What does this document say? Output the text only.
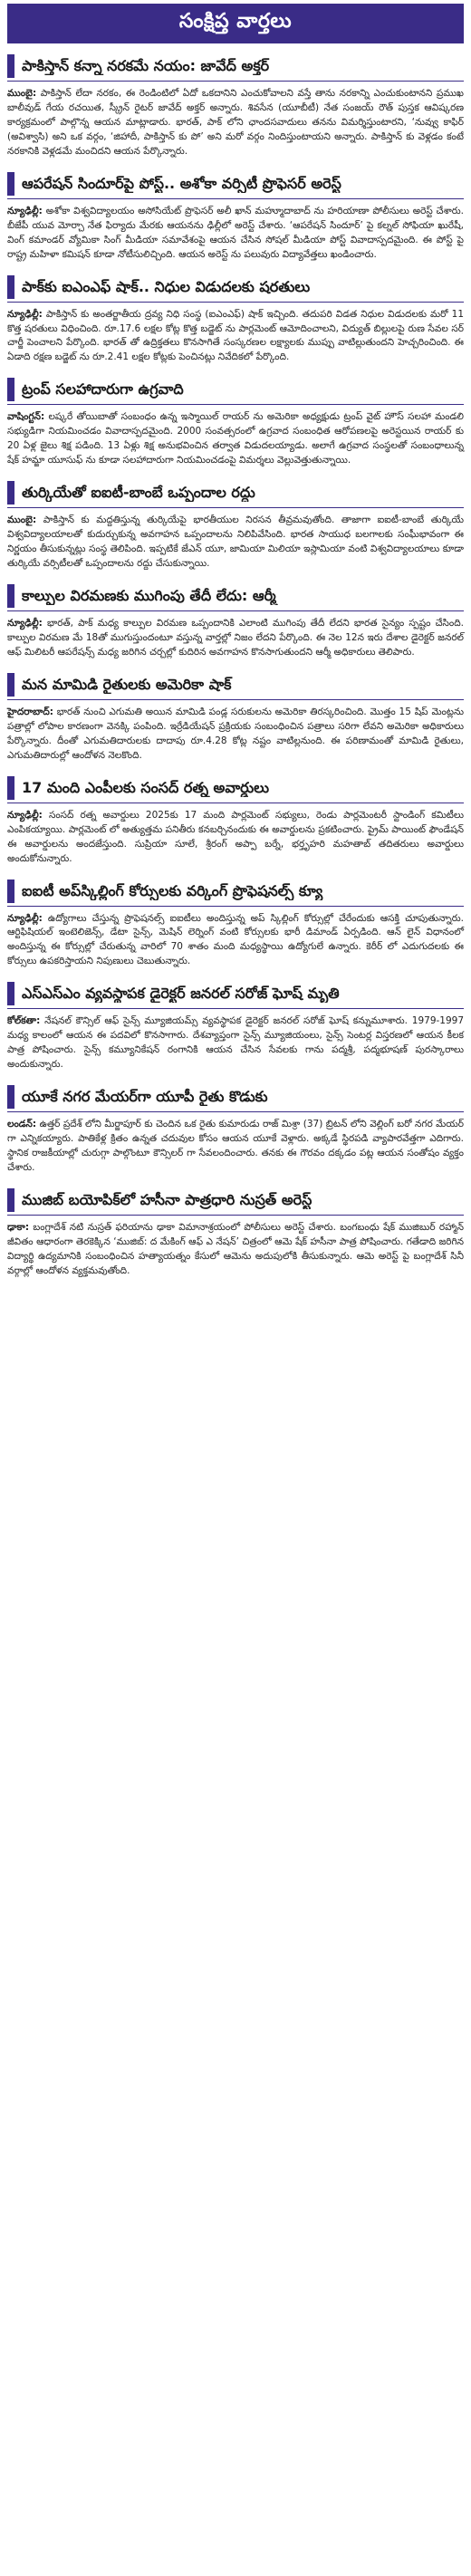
సంక్షిప్త వార్తలు
పాకిస్తాన్ కన్నా నరకమే నయం: జావేద్ అక్తర్

ముంబై: పాకిస్తాన్ లేదా నరకం, ఈ రెండింటిలో ఏదో ఒకదానిని ఎంచుకోవాలని వస్తే తాను నరకాన్ని ఎంచుకుంటానని ప్రముఖ బాలీవుడ్ గేయ రచయిత, స్క్రీన్ రైటర్ జావేద్ అక్తర్ అన్నారు. శివసేన (యూబీటీ) నేత సంజయ్ రౌత్ పుస్తక ఆవిష్కరణ కార్యక్రమంలో పాల్గొన్న ఆయన మాట్లాడారు. భారత్, పాక్ లోని ఛాందసవాదులు తనను విమర్శిస్తుంటారని, ‘నువ్వు కాఫిర్ (అవిశ్వాసి) అని ఒక వర్గం, ‘జిహాదీ, పాకిస్తాన్ కు పో’ అని మరో వర్గం నిందిస్తుంటాయని అన్నారు. పాకిస్తాన్ కు వెళ్లడం కంటే నరకానికి వెళ్లడమే మంచిదని ఆయన పేర్కొన్నారు.

ఆపరేషన్ సిందూర్‌పై పోస్ట్.. అశోకా వర్సిటీ ప్రొఫెసర్ అరెస్ట్

న్యూఢిల్లీ: అశోకా విశ్వవిద్యాలయం అసోసియేట్ ప్రొఫెసర్ అలీ ఖాన్ మహ్మూదాబాద్ ను హరియాణా పోలీసులు అరెస్ట్ చేశారు. బీజేపీ యువ మోర్చా నేత ఫిర్యాదు మేరకు ఆయనను ఢిల్లీలో అరెస్ట్ చేశారు. ‘ఆపరేషన్ సిందూర్’ పై కల్నల్ సోఫియా ఖురేషీ, వింగ్ కమాండర్ వ్యోమికా సింగ్ మీడియా సమావేశంపై ఆయన చేసిన సోషల్ మీడియా పోస్ట్ వివాదాస్పదమైంది. ఈ పోస్ట్ పై రాష్ట్ర మహిళా కమిషన్ కూడా నోటీసులిచ్చింది. ఆయన అరెస్ట్ ను పలువురు విద్యావేత్తలు ఖండించారు.

పాక్‌కు ఐఎంఎఫ్ షాక్.. నిధుల విడుదలకు షరతులు

న్యూఢిల్లీ: పాకిస్తాన్ కు అంతర్జాతీయ ద్రవ్య నిధి సంస్థ (ఐఎంఎఫ్) షాక్ ఇచ్చింది. తదుపరి విడత నిధుల విడుదలకు మరో 11 కొత్త షరతులు విధించింది. రూ.17.6 లక్షల కోట్ల కొత్త బడ్జెట్ ను పార్లమెంట్ ఆమోదించాలని, విద్యుత్ బిల్లులపై రుణ సేవల సర్ చార్జీ పెంచాలని పేర్కొంది. భారత్ తో ఉద్రిక్తతలు కొనసాగితే సంస్కరణల లక్ష్యాలకు ముప్పు వాటిల్లుతుందని హెచ్చరించింది. ఈ ఏడాది రక్షణ బడ్జెట్ ను రూ.2.41 లక్షల కోట్లకు పెంచినట్లు నివేదికలో పేర్కొంది.

ట్రంప్ సలహాదారుగా ఉగ్రవాది

వాషింగ్టన్: లష్కరే తోయిబాతో సంబంధం ఉన్న ఇస్మాయిల్ రాయర్ ను అమెరికా అధ్యక్షుడు ట్రంప్ వైట్ హౌస్ సలహా మండలి సభ్యుడిగా నియమించడం వివాదాస్పదమైంది. 2000 సంవత్సరంలో ఉగ్రవాద సంబంధిత ఆరోపణలపై అరెస్టయిన రాయర్ కు 20 ఏళ్ల జైలు శిక్ష పడింది. 13 ఏళ్లు శిక్ష అనుభవించిన తర్వాత విడుదలయ్యాడు. అలాగే ఉగ్రవాద సంస్థలతో సంబంధాలున్న షేక్ హమ్జా యూసుఫ్ ను కూడా సలహాదారుగా నియమించడంపై విమర్శలు వెల్లువెత్తుతున్నాయి.

తుర్కియేతో ఐఐటీ-బాంబే ఒప్పందాల రద్దు

ముంబై: పాకిస్తాన్ కు మద్దతిస్తున్న తుర్కియేపై భారతీయుల నిరసన తీవ్రమవుతోంది. తాజాగా ఐఐటీ-బాంబే తుర్కియే విశ్వవిద్యాలయాలతో కుదుర్చుకున్న అవగాహన ఒప్పందాలను నిలిపివేసింది. భారత సాయుధ బలగాలకు సంఘీభావంగా ఈ నిర్ణయం తీసుకున్నట్లు సంస్థ తెలిపింది. ఇప్పటికే జేఎన్ యూ, జామియా మిలియా ఇస్లామియా వంటి విశ్వవిద్యాలయాలు కూడా తుర్కియే వర్సిటీలతో ఒప్పందాలను రద్దు చేసుకున్నాయి.

కాల్పుల విరమణకు ముగింపు తేదీ లేదు: ఆర్మీ

న్యూఢిల్లీ: భారత్, పాక్ మధ్య కాల్పుల విరమణ ఒప్పందానికి ఎలాంటి ముగింపు తేదీ లేదని భారత సైన్యం స్పష్టం చేసింది. కాల్పుల విరమణ మే 18తో ముగుస్తుందంటూ వస్తున్న వార్తల్లో నిజం లేదని పేర్కొంది. ఈ నెల 12న ఇరు దేశాల డైరెక్టర్ జనరల్ ఆఫ్ మిలిటరీ ఆపరేషన్స్ మధ్య జరిగిన చర్చల్లో కుదిరిన అవగాహన కొనసాగుతుందని ఆర్మీ అధికారులు తెలిపారు.

మన మామిడి రైతులకు అమెరికా షాక్

హైదరాబాద్: భారత్ నుంచి ఎగుమతి అయిన మామిడి పండ్ల సరుకులను అమెరికా తిరస్కరించింది. మొత్తం 15 షిప్ మెంట్లను పత్రాల్లో లోపాల కారణంగా వెనక్కి పంపింది. ఇర్రేడియేషన్ ప్రక్రియకు సంబంధించిన పత్రాలు సరిగా లేవని అమెరికా అధికారులు పేర్కొన్నారు. దీంతో ఎగుమతిదారులకు దాదాపు రూ.4.28 కోట్ల నష్టం వాటిల్లనుంది. ఈ పరిణామంతో మామిడి రైతులు, ఎగుమతిదారుల్లో ఆందోళన నెలకొంది.

17 మంది ఎంపీలకు సంసద్ రత్న అవార్డులు

న్యూఢిల్లీ: సంసద్ రత్న అవార్డులు 2025కు 17 మంది పార్లమెంట్ సభ్యులు, రెండు పార్లమెంటరీ స్టాండింగ్ కమిటీలు ఎంపికయ్యాయి. పార్లమెంట్ లో అత్యుత్తమ పనితీరు కనబర్చినందుకు ఈ అవార్డులను ప్రకటించారు. ప్రైమ్ పాయింట్ ఫౌండేషన్ ఈ అవార్డులను అందజేస్తుంది. సుప్రియా సూలే, శ్రీరంగ్ అప్పా బర్నే, భర్తృహరి మహతాబ్ తదితరులు అవార్డులు అందుకోనున్నారు.

ఐఐటీ అప్‌స్కిల్లింగ్ కోర్సులకు వర్కింగ్ ప్రొఫెషనల్స్ క్యూ

న్యూఢిల్లీ: ఉద్యోగాలు చేస్తున్న ప్రొఫెషనల్స్ ఐఐటీలు అందిస్తున్న అప్ స్కిల్లింగ్ కోర్సుల్లో చేరేందుకు ఆసక్తి చూపుతున్నారు. ఆర్టిఫిషియల్ ఇంటెలిజెన్స్, డేటా సైన్స్, మెషిన్ లెర్నింగ్ వంటి కోర్సులకు భారీ డిమాండ్ ఏర్పడింది. ఆన్ లైన్ విధానంలో అందిస్తున్న ఈ కోర్సుల్లో చేరుతున్న వారిలో 70 శాతం మంది మధ్యస్థాయి ఉద్యోగులే ఉన్నారు. కెరీర్ లో ఎదుగుదలకు ఈ కోర్సులు ఉపకరిస్తాయని నిపుణులు చెబుతున్నారు.

ఎస్ఎస్ఎం వ్యవస్థాపక డైరెక్టర్ జనరల్ సరోజ్ ఘోష్ మృతి

కోల్‌కతా: నేషనల్ కౌన్సిల్ ఆఫ్ సైన్స్ మ్యూజియమ్స్ వ్యవస్థాపక డైరెక్టర్ జనరల్ సరోజ్ ఘోష్ కన్నుమూశారు. 1979-1997 మధ్య కాలంలో ఆయన ఈ పదవిలో కొనసాగారు. దేశవ్యాప్తంగా సైన్స్ మ్యూజియంలు, సైన్స్ సెంటర్ల విస్తరణలో ఆయన కీలక పాత్ర పోషించారు. సైన్స్ కమ్యూనికేషన్ రంగానికి ఆయన చేసిన సేవలకు గాను పద్మశ్రీ, పద్మభూషణ్ పురస్కారాలు అందుకున్నారు.

యూకే నగర మేయర్‌గా యూపీ రైతు కొడుకు

లండన్: ఉత్తర్ ప్రదేశ్ లోని మీర్జాపూర్ కు చెందిన ఒక రైతు కుమారుడు రాజ్ మిశ్రా (37) బ్రిటన్ లోని వెల్లింగ్ బరో నగర మేయర్ గా ఎన్నికయ్యారు. పాతికేళ్ల క్రితం ఉన్నత చదువుల కోసం ఆయన యూకే వెళ్లారు. అక్కడే స్థిరపడి వ్యాపారవేత్తగా ఎదిగారు. స్థానిక రాజకీయాల్లో చురుగ్గా పాల్గొంటూ కౌన్సిలర్ గా సేవలందించారు. తనకు ఈ గౌరవం దక్కడం పట్ల ఆయన సంతోషం వ్యక్తం చేశారు.

ముజిబ్ బయోపిక్‌లో హసీనా పాత్రధారి నుస్రత్ అరెస్ట్

ఢాకా: బంగ్లాదేశ్ నటి నుస్రత్ ఫరియాను ఢాకా విమానాశ్రయంలో పోలీసులు అరెస్ట్ చేశారు. బంగబంధు షేక్ ముజిబుర్ రహ్మాన్ జీవితం ఆధారంగా తెరకెక్కిన ‘ముజిబ్: ద మేకింగ్ ఆఫ్ ఎ నేషన్’ చిత్రంలో ఆమె షేక్ హసీనా పాత్ర పోషించారు. గతేడాది జరిగిన విద్యార్థి ఉద్యమానికి సంబంధించిన హత్యాయత్నం కేసులో ఆమెను అదుపులోకి తీసుకున్నారు. ఆమె అరెస్ట్ పై బంగ్లాదేశ్ సినీ వర్గాల్లో ఆందోళన వ్యక్తమవుతోంది.
